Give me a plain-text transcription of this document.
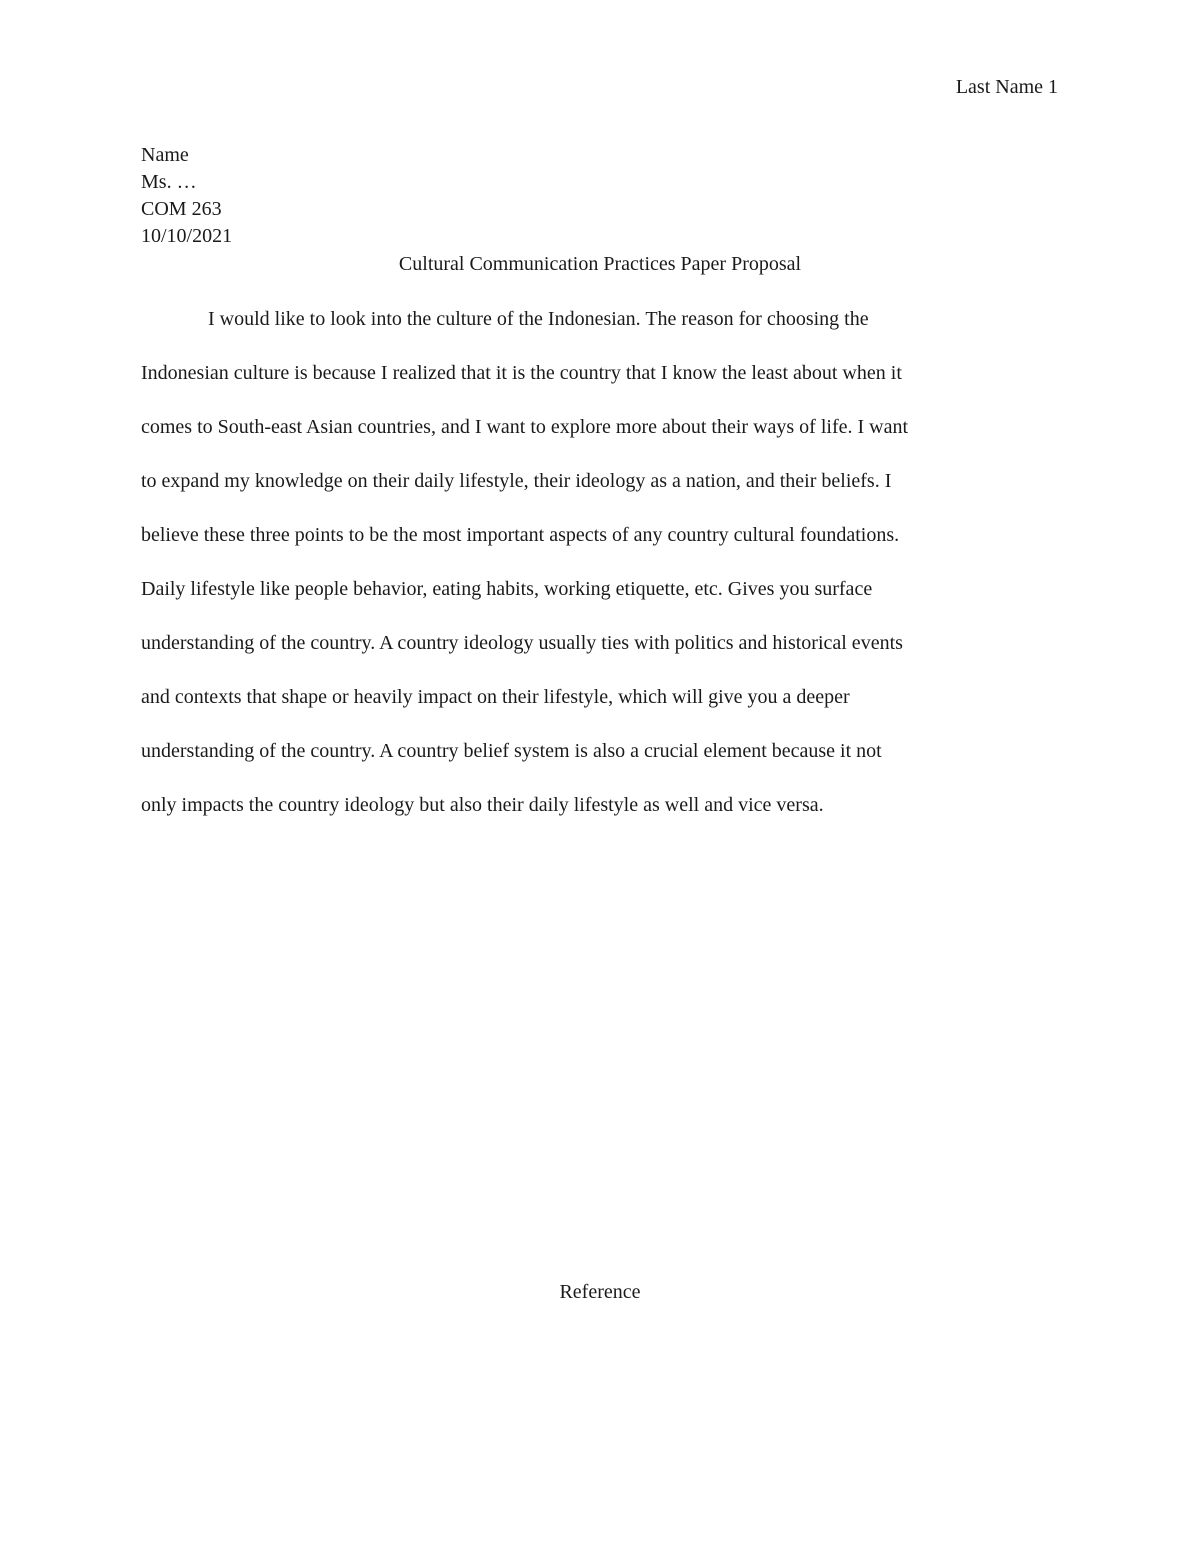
Last Name 1
Name
Ms. …
COM 263
10/10/2021
Cultural Communication Practices Paper Proposal
I would like to look into the culture of the Indonesian. The reason for choosing the
Indonesian culture is because I realized that it is the country that I know the least about when it
comes to South-east Asian countries, and I want to explore more about their ways of life. I want
to expand my knowledge on their daily lifestyle, their ideology as a nation, and their beliefs. I
believe these three points to be the most important aspects of any country cultural foundations.
Daily lifestyle like people behavior, eating habits, working etiquette, etc. Gives you surface
understanding of the country. A country ideology usually ties with politics and historical events
and contexts that shape or heavily impact on their lifestyle, which will give you a deeper
understanding of the country. A country belief system is also a crucial element because it not
only impacts the country ideology but also their daily lifestyle as well and vice versa.
Reference
